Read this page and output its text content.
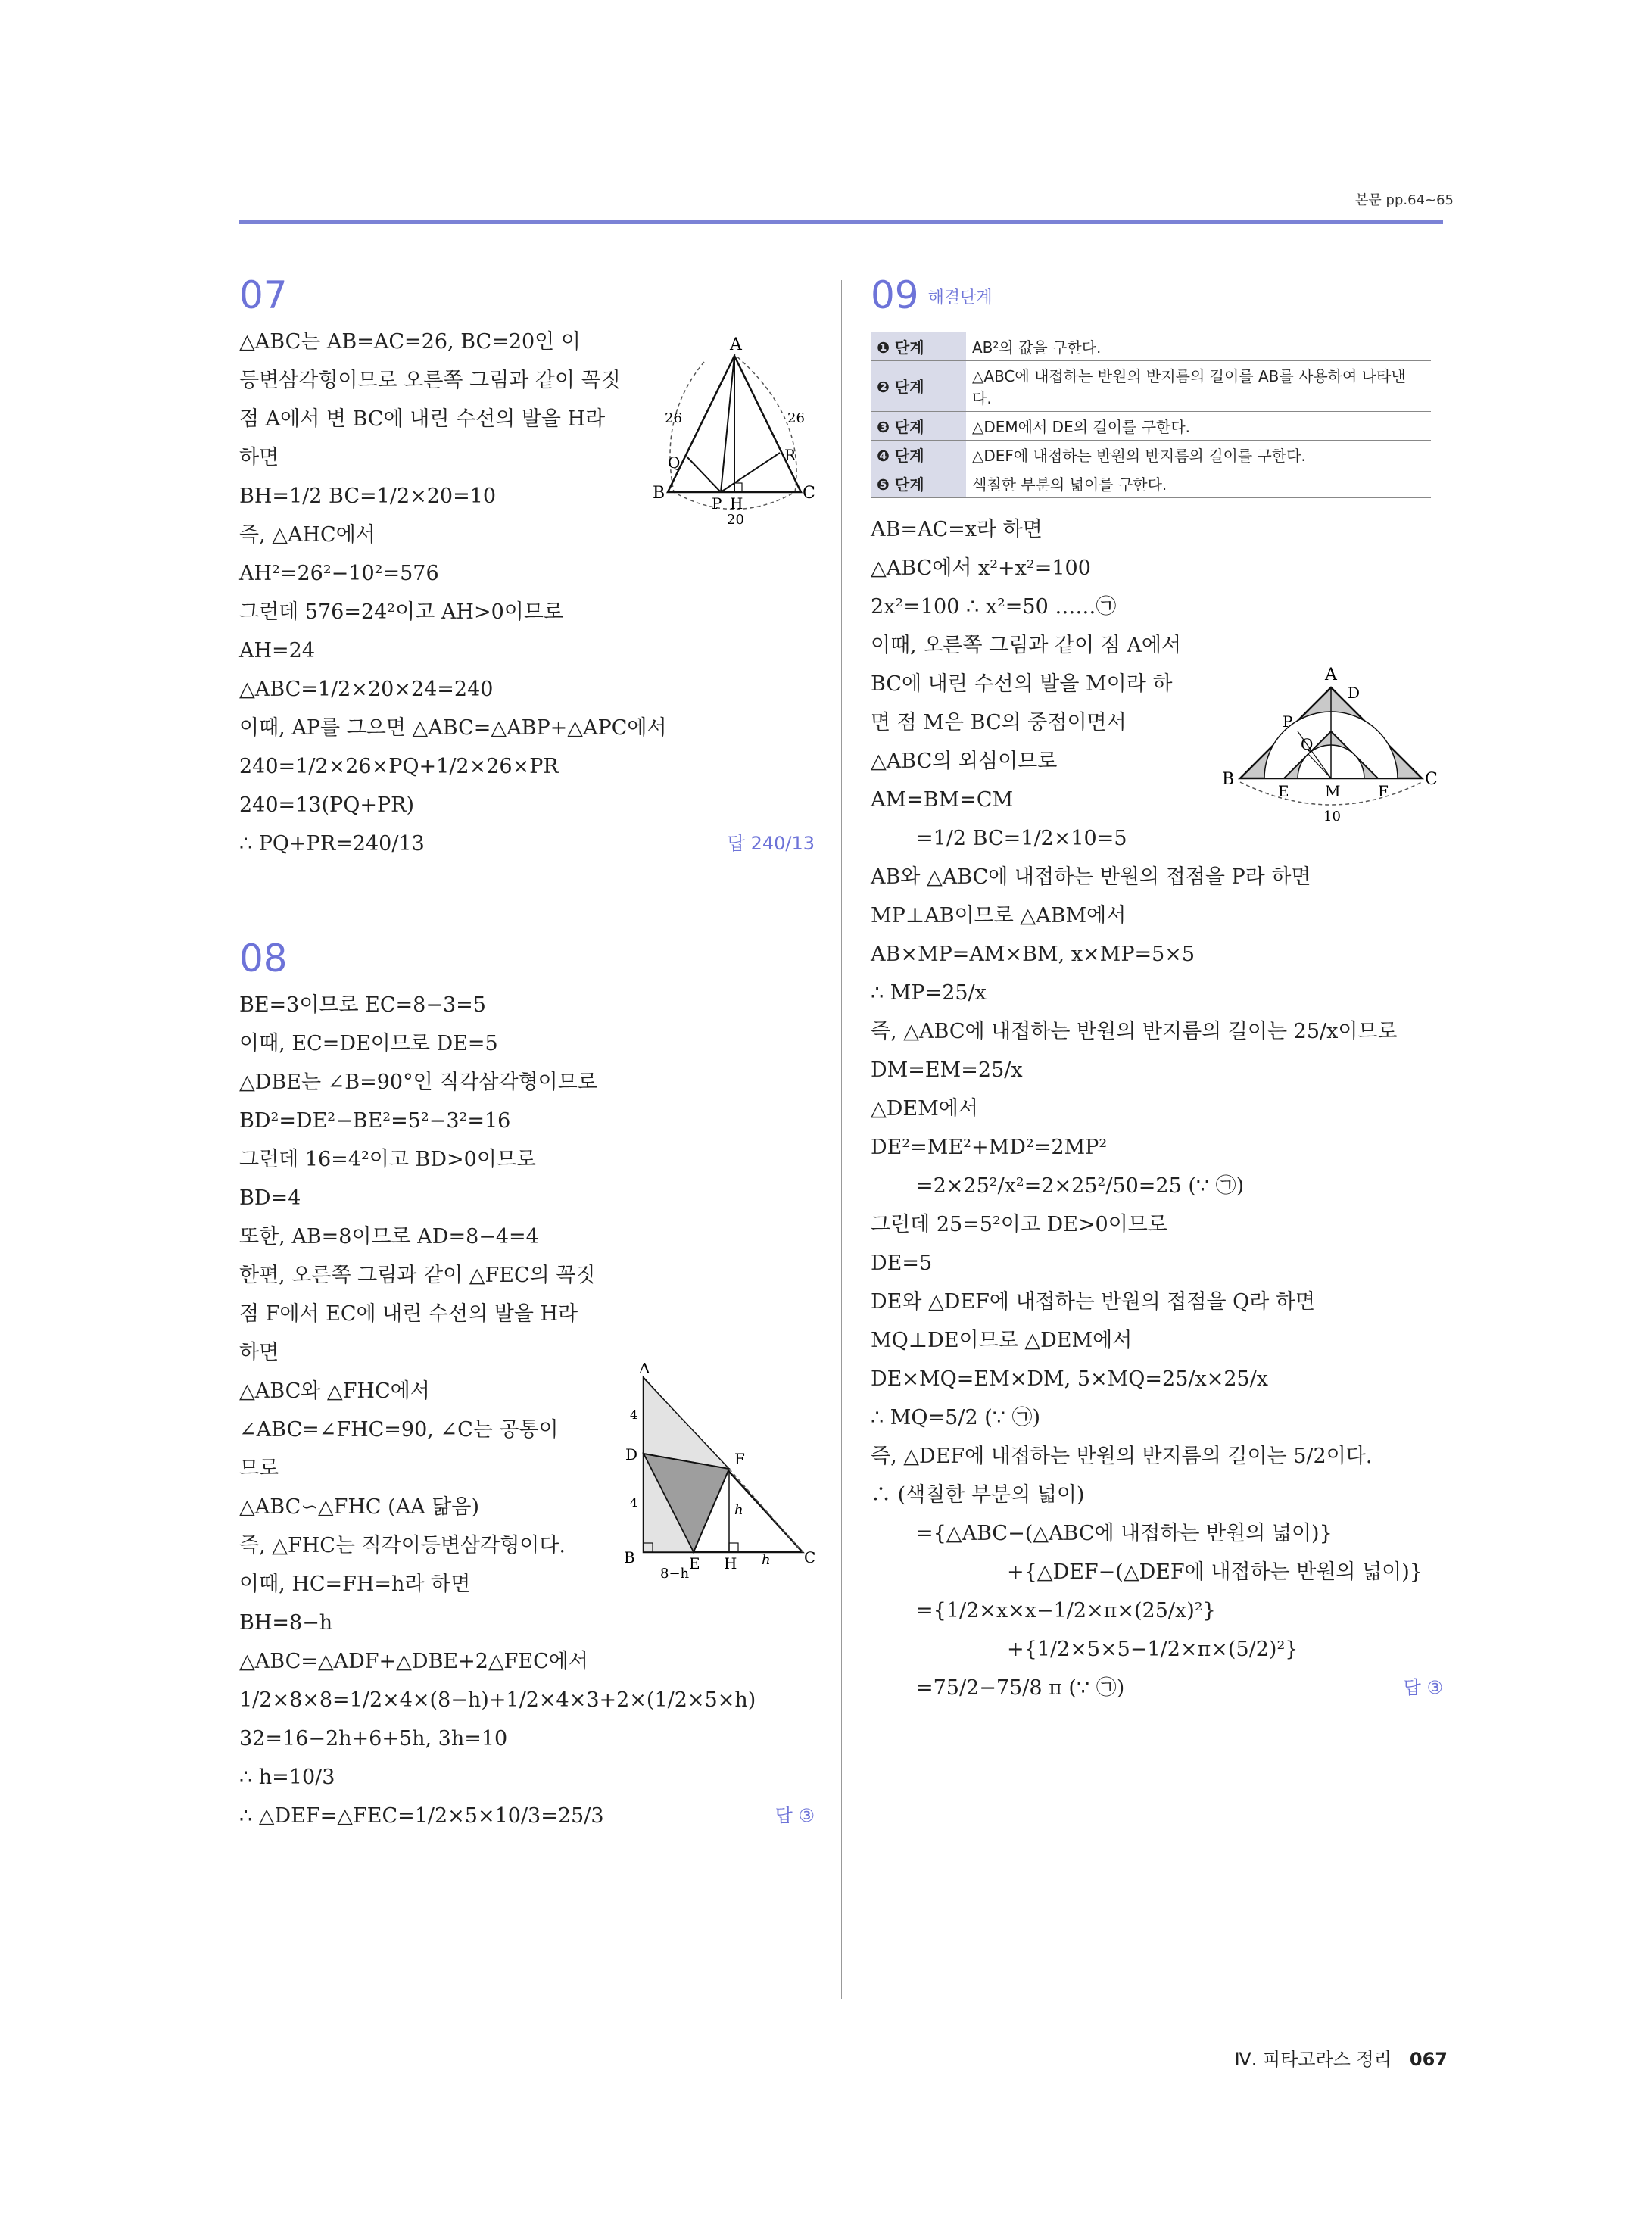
본문 pp.64~65
07
△ABC는 AB=AC=26, BC=20인 이
등변삼각형이므로 오른쪽 그림과 같이 꼭짓
점 A에서 변 BC에 내린 수선의 발을 H라
하면
BH=1/2 BC=1/2×20=10
즉, △AHC에서
AH²=26²−10²=576
그런데 576=24²이고 AH>0이므로
AH=24
△ABC=1/2×20×24=240
이때, AP를 그으면 △ABC=△ABP+△APC에서
240=1/2×26×PQ+1/2×26×PR
240=13(PQ+PR)
∴ PQ+PR=240/13	답 240/13
08
BE=3이므로 EC=8−3=5
이때, EC=DE이므로 DE=5
△DBE는 ∠B=90°인 직각삼각형이므로
BD²=DE²−BE²=5²−3²=16
그런데 16=4²이고 BD>0이므로
BD=4
또한, AB=8이므로 AD=8−4=4
한편, 오른쪽 그림과 같이 △FEC의 꼭짓
점 F에서 EC에 내린 수선의 발을 H라
하면
△ABC와 △FHC에서
∠ABC=∠FHC=90, ∠C는 공통이
므로
△ABC∽△FHC (AA 닮음)
즉, △FHC는 직각이등변삼각형이다.
이때, HC=FH=h라 하면
BH=8−h
△ABC=△ADF+△DBE+2△FEC에서
1/2×8×8=1/2×4×(8−h)+1/2×4×3+2×(1/2×5×h)
32=16−2h+6+5h, 3h=10
∴ h=10/3
∴ △DEF=△FEC=1/2×5×10/3=25/3	답 ③
A
B	C
P H
Q	R
26	26
20
A
B	C
D
E
F
H
4
4	h
h
8−h
09 해결단계
❶ 단계	AB²의 값을 구한다.
❷ 단계	△ABC에 내접하는 반원의 반지름의 길이를 AB를 사용하여 나타낸다.
❸ 단계	△DEM에서 DE의 길이를 구한다.
❹ 단계	△DEF에 내접하는 반원의 반지름의 길이를 구한다.
❺ 단계	색칠한 부분의 넓이를 구한다.
AB=AC=x라 하면
△ABC에서 x²+x²=100
2x²=100 ∴ x²=50 ……㉠
이때, 오른쪽 그림과 같이 점 A에서
BC에 내린 수선의 발을 M이라 하
면 점 M은 BC의 중점이면서
△ABC의 외심이므로
AM=BM=CM
=1/2 BC=1/2×10=5
AB와 △ABC에 내접하는 반원의 접점을 P라 하면
MP⊥AB이므로 △ABM에서
AB×MP=AM×BM, x×MP=5×5
∴ MP=25/x
즉, △ABC에 내접하는 반원의 반지름의 길이는 25/x이므로
DM=EM=25/x
△DEM에서
DE²=ME²+MD²=2MP²
=2×25²/x²=2×25²/50=25 (∵ ㉠)
그런데 25=5²이고 DE>0이므로
DE=5
DE와 △DEF에 내접하는 반원의 접점을 Q라 하면
MQ⊥DE이므로 △DEM에서
DE×MQ=EM×DM, 5×MQ=25/x×25/x
∴ MQ=5/2 (∵ ㉠)
즉, △DEF에 내접하는 반원의 반지름의 길이는 5/2이다.
∴ (색칠한 부분의 넓이)
={△ABC−(△ABC에 내접하는 반원의 넓이)}
+{△DEF−(△DEF에 내접하는 반원의 넓이)}
={1/2×x×x−1/2×π×(25/x)²}
+{1/2×5×5−1/2×π×(5/2)²}
=75/2−75/8 π (∵ ㉠)	답 ③
A
B	C
D
E	F
M
P
Q
10
Ⅳ. 피타고라스 정리 067
